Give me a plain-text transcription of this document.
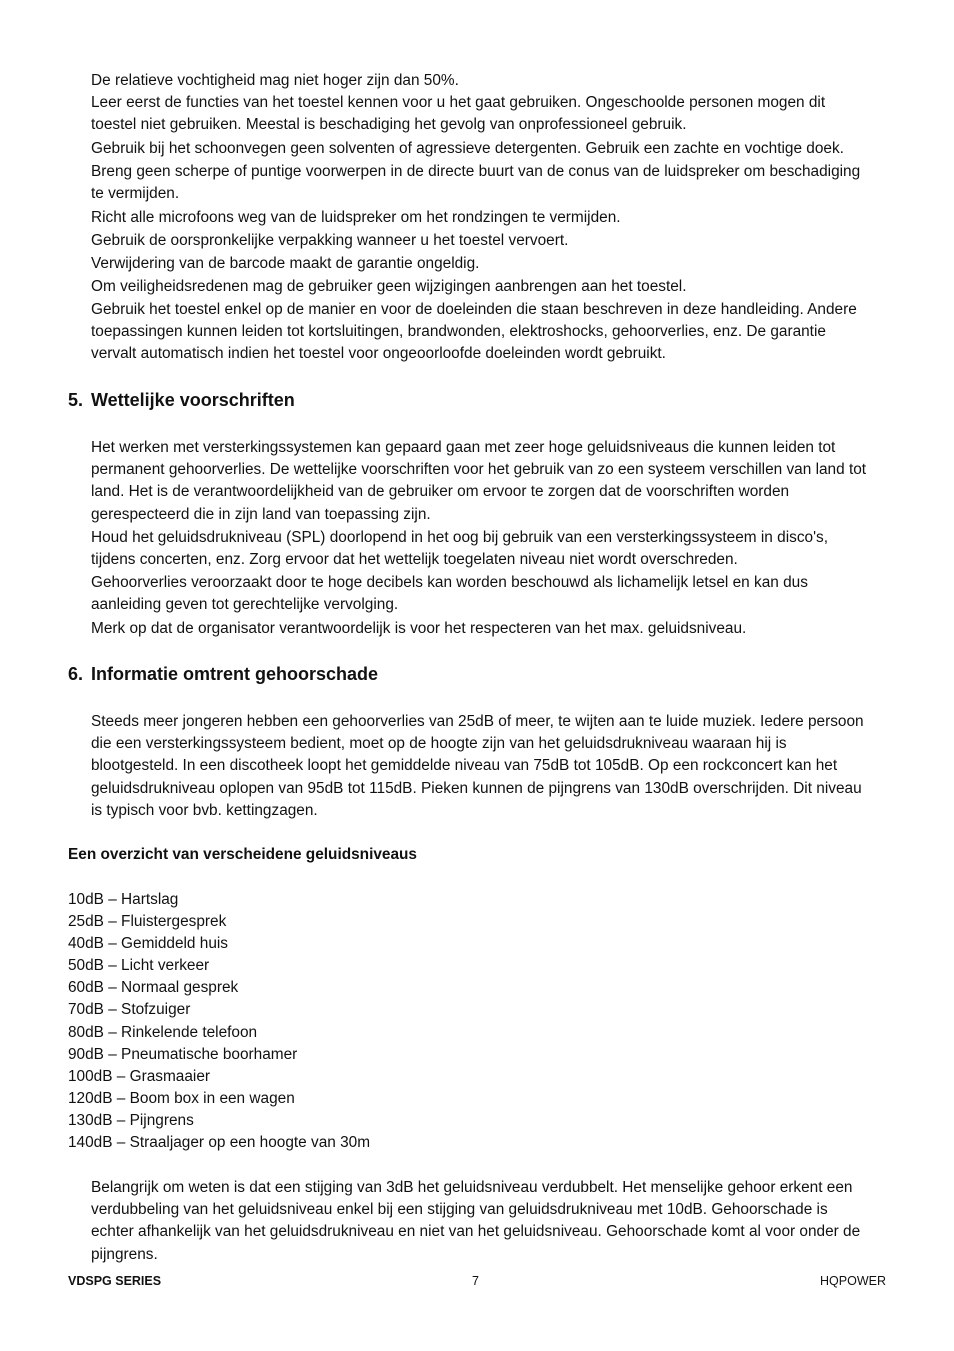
De relatieve vochtigheid mag niet hoger zijn dan 50%.

Leer eerst de functies van het toestel kennen voor u het gaat gebruiken. Ongeschoolde personen mogen dit
toestel niet gebruiken. Meestal is beschadiging het gevolg van onprofessioneel gebruik.

Gebruik bij het schoonvegen geen solventen of agressieve detergenten. Gebruik een zachte en vochtige doek.

Breng geen scherpe of puntige voorwerpen in de directe buurt van de conus van de luidspreker om beschadiging
te vermijden.

Richt alle microfoons weg van de luidspreker om het rondzingen te vermijden.

Gebruik de oorspronkelijke verpakking wanneer u het toestel vervoert.

Verwijdering van de barcode maakt de garantie ongeldig.

Om veiligheidsredenen mag de gebruiker geen wijzigingen aanbrengen aan het toestel.

Gebruik het toestel enkel op de manier en voor de doeleinden die staan beschreven in deze handleiding. Andere
toepassingen kunnen leiden tot kortsluitingen, brandwonden, elektroshocks, gehoorverlies, enz. De garantie
vervalt automatisch indien het toestel voor ongeoorloofde doeleinden wordt gebruikt.

5. Wettelijke voorschriften

Het werken met versterkingssystemen kan gepaard gaan met zeer hoge geluidsniveaus die kunnen leiden tot
permanent gehoorverlies. De wettelijke voorschriften voor het gebruik van zo een systeem verschillen van land tot
land. Het is de verantwoordelijkheid van de gebruiker om ervoor te zorgen dat de voorschriften worden
gerespecteerd die in zijn land van toepassing zijn.

Houd het geluidsdrukniveau (SPL) doorlopend in het oog bij gebruik van een versterkingssysteem in disco's,
tijdens concerten, enz. Zorg ervoor dat het wettelijk toegelaten niveau niet wordt overschreden.

Gehoorverlies veroorzaakt door te hoge decibels kan worden beschouwd als lichamelijk letsel en kan dus
aanleiding geven tot gerechtelijke vervolging.

Merk op dat de organisator verantwoordelijk is voor het respecteren van het max. geluidsniveau.

6. Informatie omtrent gehoorschade

Steeds meer jongeren hebben een gehoorverlies van 25dB of meer, te wijten aan te luide muziek. Iedere persoon
die een versterkingssysteem bedient, moet op de hoogte zijn van het geluidsdrukniveau waaraan hij is
blootgesteld. In een discotheek loopt het gemiddelde niveau van 75dB tot 105dB. Op een rockconcert kan het
geluidsdrukniveau oplopen van 95dB tot 115dB. Pieken kunnen de pijngrens van 130dB overschrijden. Dit niveau
is typisch voor bvb. kettingzagen.

Een overzicht van verscheidene geluidsniveaus
10dB – Hartslag
25dB – Fluistergesprek
40dB – Gemiddeld huis
50dB – Licht verkeer
60dB – Normaal gesprek
70dB – Stofzuiger
80dB – Rinkelende telefoon
90dB – Pneumatische boorhamer
100dB – Grasmaaier
120dB – Boom box in een wagen
130dB – Pijngrens
140dB – Straaljager op een hoogte van 30m

Belangrijk om weten is dat een stijging van 3dB het geluidsniveau verdubbelt. Het menselijke gehoor erkent een
verdubbeling van het geluidsniveau enkel bij een stijging van geluidsdrukniveau met 10dB. Gehoorschade is
echter afhankelijk van het geluidsdrukniveau en niet van het geluidsniveau. Gehoorschade komt al voor onder de
pijngrens.

VDSPG SERIES	7	HQPOWER
